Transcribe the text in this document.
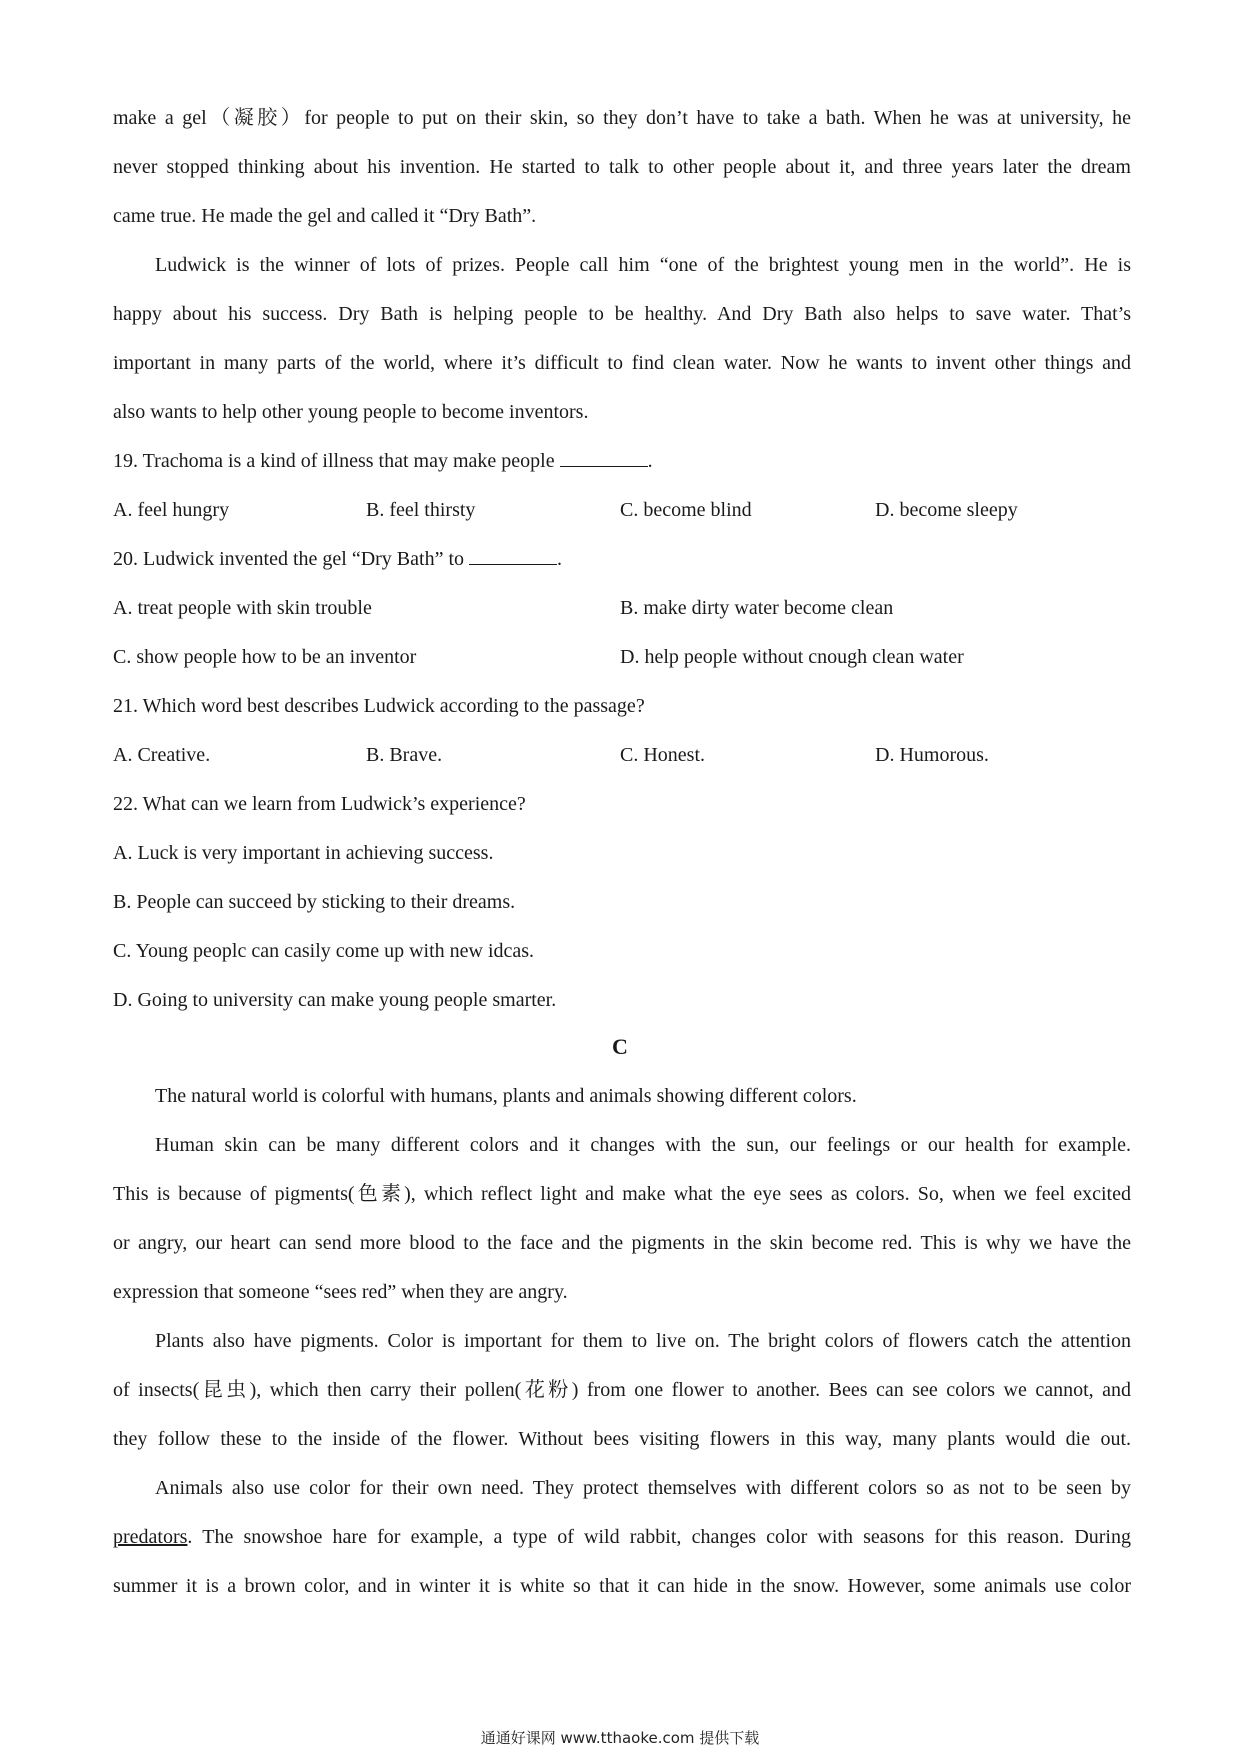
make a gel（凝胶）for people to put on their skin, so they don’t have to take a bath. When he was at university, he
never stopped thinking about his invention. He started to talk to other people about it, and three years later the dream
came true. He made the gel and called it “Dry Bath”.
Ludwick is the winner of lots of prizes. People call him “one of the brightest young men in the world”. He is
happy about his success. Dry Bath is helping people to be healthy. And Dry Bath also helps to save water. That’s
important in many parts of the world, where it’s difficult to find clean water. Now he wants to invent other things and
also wants to help other young people to become inventors.
19. Trachoma is a kind of illness that may make people	.
A. feel hungry	B. feel thirsty	C. become blind	D. become sleepy
20. Ludwick invented the gel “Dry Bath” to	.
A. treat people with skin trouble	B. make dirty water become clean
C. show people how to be an inventor	D. help people without cnough clean water
21. Which word best describes Ludwick according to the passage?
A. Creative.	B. Brave.	C. Honest.	D. Humorous.
22. What can we learn from Ludwick’s experience?
A. Luck is very important in achieving success.
B. People can succeed by sticking to their dreams.
C. Young peoplc can casily come up with new idcas.
D. Going to university can make young people smarter.
C
The natural world is colorful with humans, plants and animals showing different colors.
Human skin can be many different colors and it changes with the sun, our feelings or our health for example.
This is because of pigments(色素), which reflect light and make what the eye sees as colors. So, when we feel excited
or angry, our heart can send more blood to the face and the pigments in the skin become red. This is why we have the
expression that someone “sees red” when they are angry.
Plants also have pigments. Color is important for them to live on. The bright colors of flowers catch the attention
of insects(昆虫), which then carry their pollen(花粉) from one flower to another. Bees can see colors we cannot, and
they follow these to the inside of the flower. Without bees visiting flowers in this way, many plants would die out.
Animals also use color for their own need. They protect themselves with different colors so as not to be seen by
predators. The snowshoe hare for example, a type of wild rabbit, changes color with seasons for this reason. During
summer it is a brown color, and in winter it is white so that it can hide in the snow. However, some animals use color
通通好课网 www.tthaoke.com 提供下载
